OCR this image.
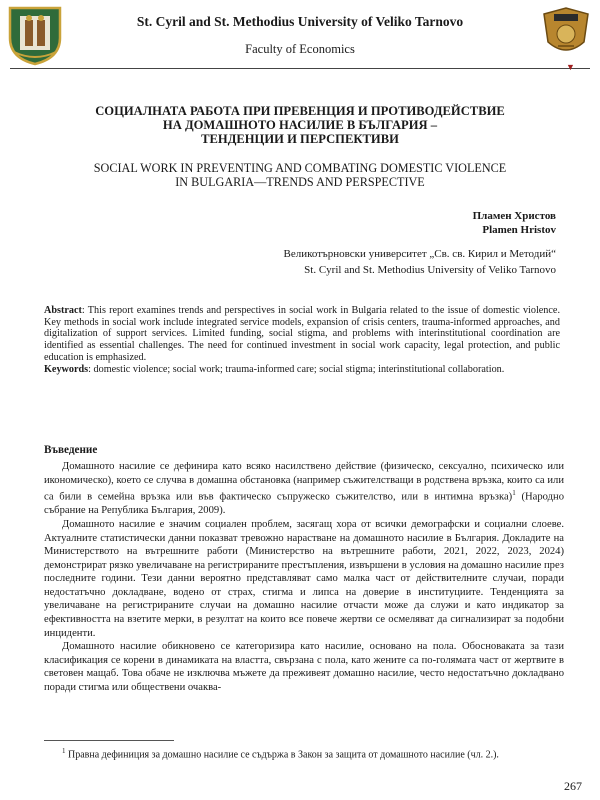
St. Cyril and St. Methodius University of Veliko Tarnovo
Faculty of Economics
▼
СОЦИАЛНАТА РАБОТА ПРИ ПРЕВЕНЦИЯ И ПРОТИВОДЕЙСТВИЕ
НА ДОМАШНОТО НАСИЛИЕ В БЪЛГАРИЯ –
ТЕНДЕНЦИИ И ПЕРСПЕКТИВИ
SOCIAL WORK IN PREVENTING AND COMBATING DOMESTIC VIOLENCE
IN BULGARIA—TRENDS AND PERSPECTIVE
Пламен Христов
Plamen Hristov
Великотърновски университет „Св. св. Кирил и Методий“
St. Cyril and St. Methodius University of Veliko Tarnovo
Abstract: This report examines trends and perspectives in social work in Bulgaria related to the issue of domestic violence. Key methods in social work include integrated service models, expansion of crisis centers, trauma-informed approaches, and digitalization of support services. Limited funding, social stigma, and problems with interinstitutional coordination are identified as essential challenges. The need for continued investment in social work capacity, legal protection, and public education is emphasized.
Keywords: domestic violence; social work; trauma-informed care; social stigma; interinstitutional collaboration.
Въведение

Домашното насилие се дефинира като всяко насилствено действие (физическо, сексуално, психическо или икономическо), което се случва в домашна обстановка (например съжителстващи в родствена връзка, които са или са били в семейна връзка или във фактическо съпружеско съжителство, или в интимна връзка)$^1$ (Народно събрание на Република България, 2009).

Домашното насилие е значим социален проблем, засягащ хора от всички демографски и социални слоеве. Актуалните статистически данни показват тревожно нарастване на домашното насилие в България. Докладите на Министерството на вътрешните работи (Министерство на вътрешните работи, 2021, 2022, 2023, 2024) демонстрират рязко увеличаване на регистрираните престъпления, извършени в условия на домашно насилие през последните години. Тези данни вероятно представляват само малка част от действителните случаи, поради недостатъчно докладване, водено от страх, стигма и липса на доверие в институциите. Тенденцията за увеличаване на регистрираните случаи на домашно насилие отчасти може да служи и като индикатор за ефективността на взетите мерки, в резултат на които все повече жертви се осмеляват да сигнализират за подобни инциденти.

Домашното насилие обикновено се категоризира като насилие, основано на пола. Обосноваката за тази класификация се корени в динамиката на властта, свързана с пола, като жените са по-голямата част от жертвите в световен мащаб. Това обаче не изключва мъжете да преживеят домашно насилие, често недостатъчно докладвано поради стигма или обществени очаква-

$^1$ Правна дефиниция за домашно насилие се съдържа в Закон за защита от домашното насилие (чл. 2.).
267
